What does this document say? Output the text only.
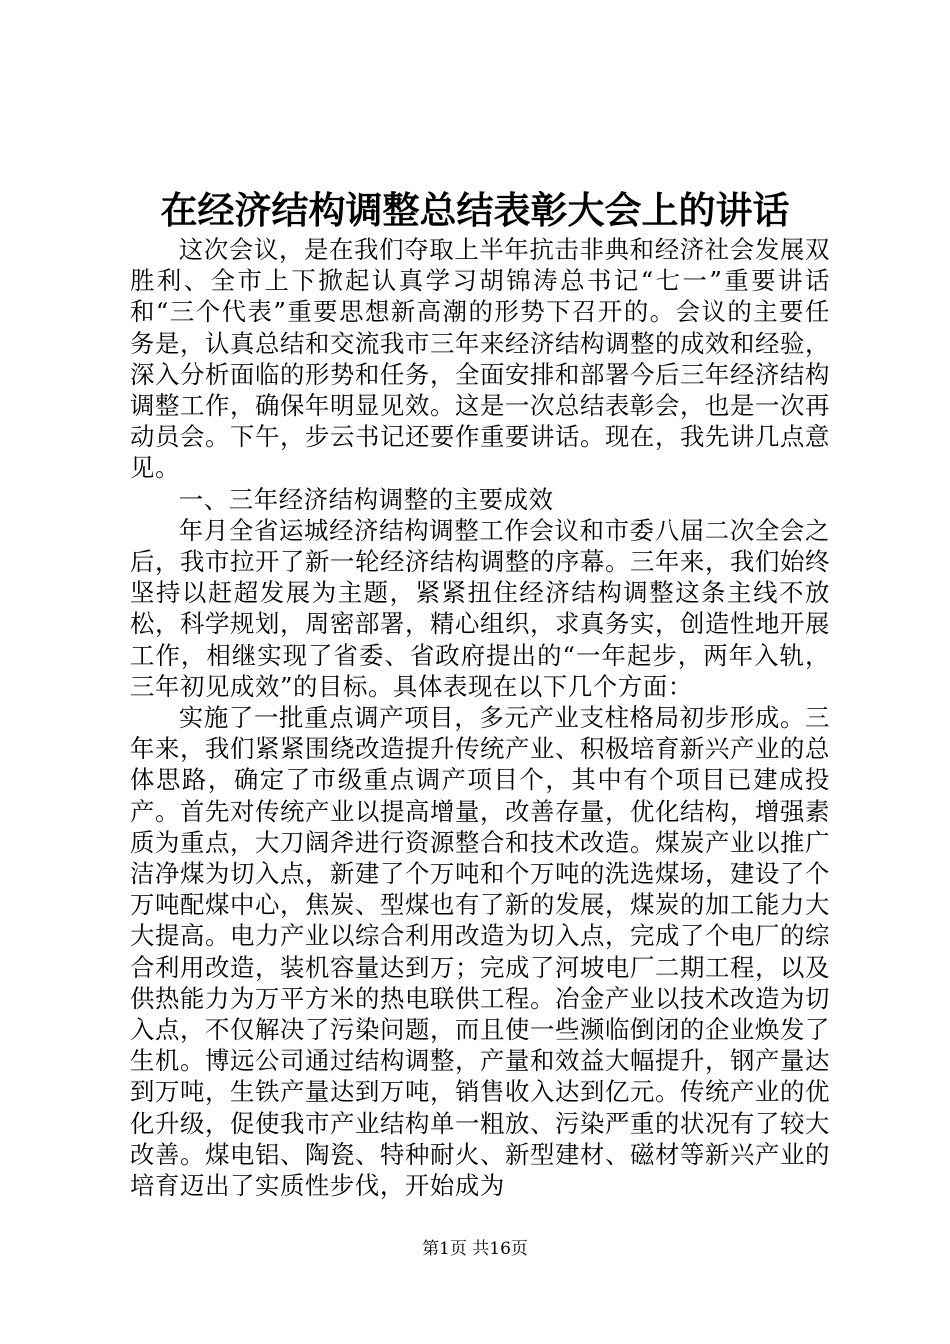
在经济结构调整总结表彰大会上的讲话

这次会议，是在我们夺取上半年抗击非典和经济社会发展双胜利、全市上下掀起认真学习胡锦涛总书记“七一”重要讲话和“三个代表”重要思想新高潮的形势下召开的。会议的主要任务是，认真总结和交流我市三年来经济结构调整的成效和经验，深入分析面临的形势和任务，全面安排和部署今后三年经济结构调整工作，确保年明显见效。这是一次总结表彰会，也是一次再动员会。下午，步云书记还要作重要讲话。现在，我先讲几点意见。

一、三年经济结构调整的主要成效

年月全省运城经济结构调整工作会议和市委八届二次全会之后，我市拉开了新一轮经济结构调整的序幕。三年来，我们始终坚持以赶超发展为主题，紧紧扭住经济结构调整这条主线不放松，科学规划，周密部署，精心组织，求真务实，创造性地开展工作，相继实现了省委、省政府提出的“一年起步，两年入轨，三年初见成效”的目标。具体表现在以下几个方面：

实施了一批重点调产项目，多元产业支柱格局初步形成。三年来，我们紧紧围绕改造提升传统产业、积极培育新兴产业的总体思路，确定了市级重点调产项目个，其中有个项目已建成投产。首先对传统产业以提高增量，改善存量，优化结构，增强素质为重点，大刀阔斧进行资源整合和技术改造。煤炭产业以推广洁净煤为切入点，新建了个万吨和个万吨的洗选煤场，建设了个万吨配煤中心，焦炭、型煤也有了新的发展，煤炭的加工能力大大提高。电力产业以综合利用改造为切入点，完成了个电厂的综合利用改造，装机容量达到万；完成了河坡电厂二期工程，以及供热能力为万平方米的热电联供工程。冶金产业以技术改造为切入点，不仅解决了污染问题，而且使一些濒临倒闭的企业焕发了生机。博远公司通过结构调整，产量和效益大幅提升，钢产量达到万吨，生铁产量达到万吨，销售收入达到亿元。传统产业的优化升级，促使我市产业结构单一粗放、污染严重的状况有了较大改善。煤电铝、陶瓷、特种耐火、新型建材、磁材等新兴产业的培育迈出了实质性步伐，开始成为

第1页 共16页
